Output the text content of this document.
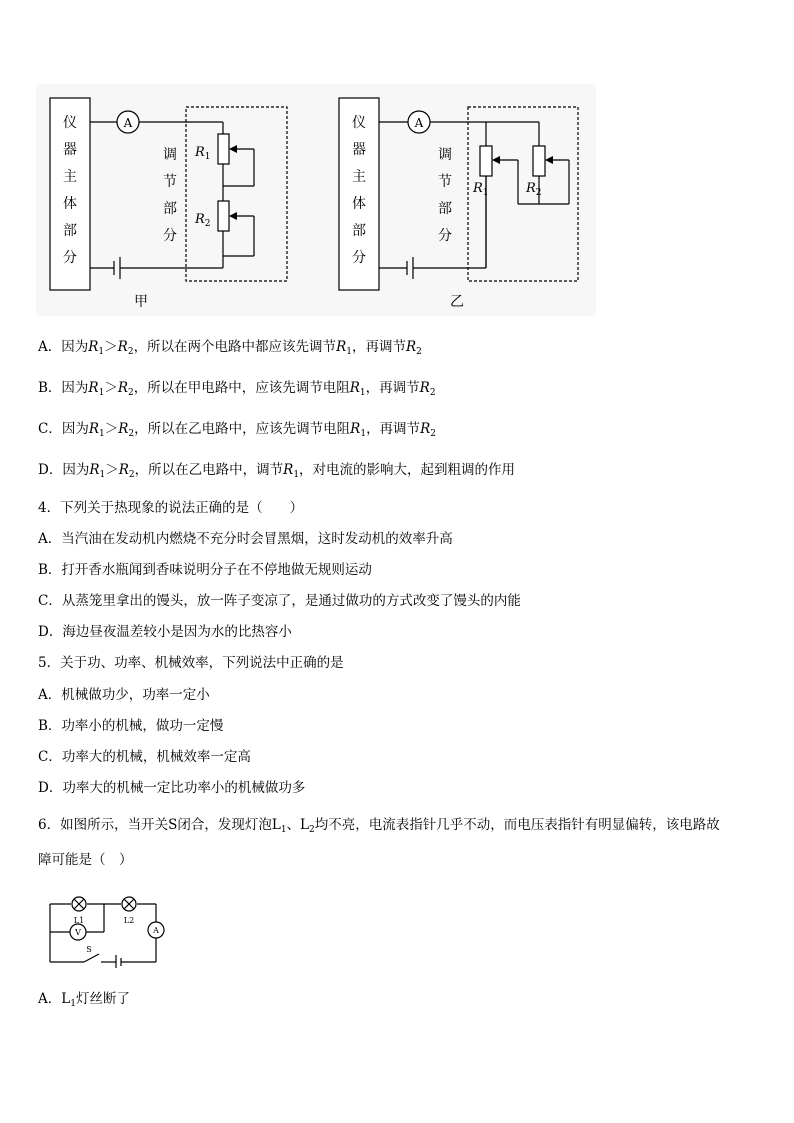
仪
器
主
体
部
分
调
节
部
分
仪
器
主
体
部
分
调
节
部
分
A	A
甲	乙
$R_1$
$R_2$
$R_1$	$R_2$
A．因为$R_1>R_2$，所以在两个电路中都应该先调节$R_1$，再调节$R_2$
B．因为$R_1>R_2$，所以在甲电路中，应该先调节电阻$R_1$，再调节$R_2$
C．因为$R_1>R_2$，所以在乙电路中，应该先调节电阻$R_1$，再调节$R_2$
D．因为$R_1>R_2$，所以在乙电路中，调节$R_1$，对电流的影响大，起到粗调的作用
4．下列关于热现象的说法正确的是（　　）
A．当汽油在发动机内燃烧不充分时会冒黑烟，这时发动机的效率升高
B．打开香水瓶闻到香味说明分子在不停地做无规则运动
C．从蒸笼里拿出的馒头，放一阵子变凉了，是通过做功的方式改变了馒头的内能
D．海边昼夜温差较小是因为水的比热容小
5．关于功、功率、机械效率，下列说法中正确的是
A．机械做功少，功率一定小
B．功率小的机械，做功一定慢
C．功率大的机械，机械效率一定高
D．功率大的机械一定比功率小的机械做功多
6．如图所示，当开关S闭合，发现灯泡$L_1$、$L_2$均不亮，电流表指针几乎不动，而电压表指针有明显偏转，该电路故
障可能是（　）
L1	L2
V	A
S
A．$L_1$灯丝断了
